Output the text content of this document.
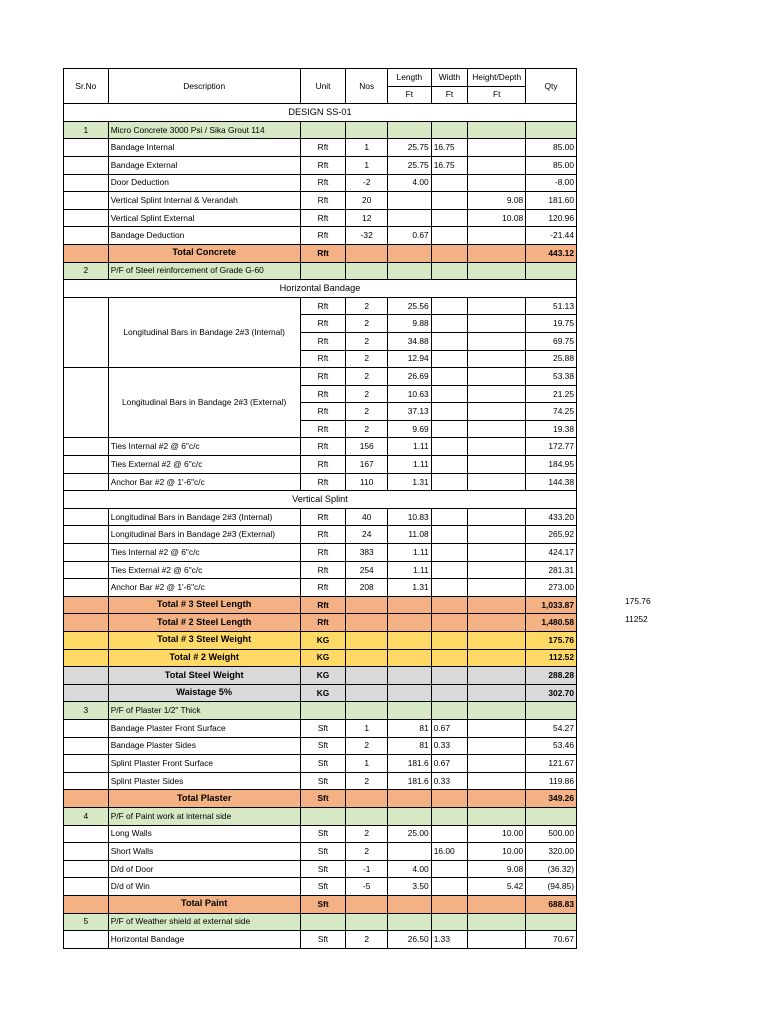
Sr.No	Description	Unit	Nos	Length	Width	Height/Depth	Qty
				Ft	Ft	Ft	
DESIGN SS-01							
1	Micro Concrete 3000 Psi / Sika Grout 114						
	Bandage Internal	Rft	1	25.75	16.75		85.00
	Bandage External	Rft	1	25.75	16.75		85.00
	Door Deduction	Rft	-2	4.00			-8.00
	Vertical Splint Internal & Verandah	Rft	20			9.08	181.60
	Vertical Splint External	Rft	12			10.08	120.96
	Bandage Deduction	Rft	-32	0.67			-21.44
	Total Concrete	Rft					443.12
2	P/F of Steel reinforcement of Grade G-60						
Horizontal Bandage							
	Longitudinal Bars in Bandage 2#3 (Internal)	Rft	2	25.56			51.13
		Rft	2	9.88			19.75
		Rft	2	34.88			69.75
		Rft	2	12.94			25.88
	Longitudinal Bars in Bandage 2#3 (External)	Rft	2	26.69			53.38
		Rft	2	10.63			21.25
		Rft	2	37.13			74.25
		Rft	2	9.69			19.38
	Ties Internal #2 @ 6"c/c	Rft	156	1.11			172.77
	Ties External #2 @ 6"c/c	Rft	167	1.11			184.95
	Anchor Bar #2 @ 1'-6"c/c	Rft	110	1.31			144.38
Vertical Splint							
	Longitudinal Bars in Bandage 2#3 (Internal)	Rft	40	10.83			433.20
	Longitudinal Bars in Bandage 2#3 (External)	Rft	24	11.08			265.92
	Ties Internal #2 @ 6"c/c	Rft	383	1.11			424.17
	Ties External #2 @ 6"c/c	Rft	254	1.11			281.31
	Anchor Bar #2 @ 1'-6"c/c	Rft	208	1.31			273.00
	Total # 3 Steel Length	Rft					1,033.87
	Total # 2 Steel Length	Rft					1,480.58
	Total # 3 Steel Weight	KG					175.76
	Total # 2 Weight	KG					112.52
	Total Steel Weight	KG					288.28
	Waistage 5%	KG					302.70
3	P/F of Plaster 1/2" Thick						
	Bandage Plaster Front Surface	Sft	1	81	0.67		54.27
	Bandage Plaster Sides	Sft	2	81	0.33		53.46
	Splint Plaster Front Surface	Sft	1	181.6	0.67		121.67
	Splint Plaster Sides	Sft	2	181.6	0.33		119.86
	Total Plaster	Sft					349.26
4	P/F of Paint work at internal side						
	Long Walls	Sft	2	25.00		10.00	500.00
	Short Walls	Sft	2		16.00	10.00	320.00
	D/d of Door	Sft	-1	4.00		9.08	(36.32)
	D/d of Win	Sft	-5	3.50		5.42	(94.85)
	Total Paint	Sft					688.83
5	P/F of Weather shield at external side						
	Horizontal Bandage	Sft	2	26.50	1.33		70.67
175.76
11252
